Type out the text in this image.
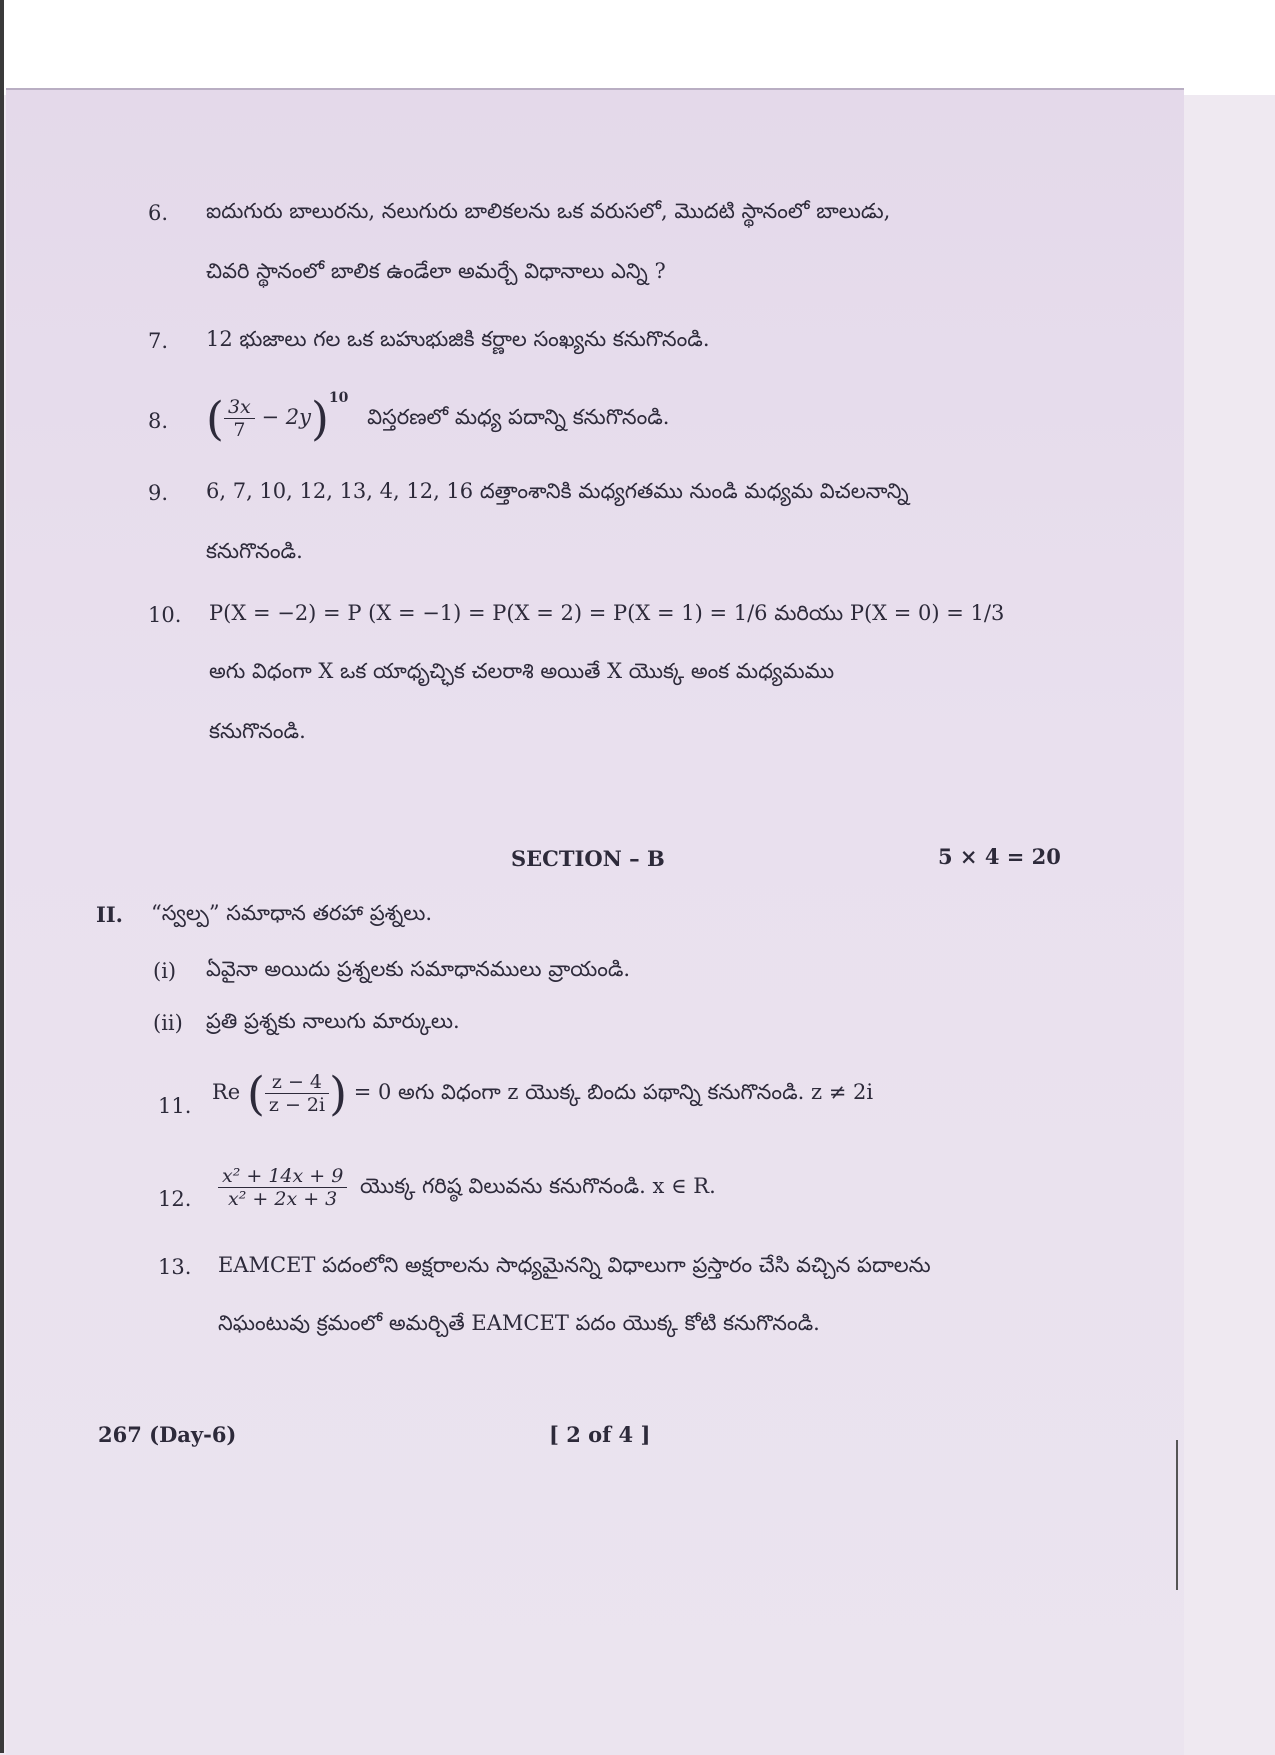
6. ఐదుగురు బాలురను, నలుగురు బాలికలను ఒక వరుసలో, మొదటి స్థానంలో బాలుడు,
చివరి స్థానంలో బాలిక ఉండేలా అమర్చే విధానాలు ఎన్ని ?
7. 12 భుజాలు గల ఒక బహుభుజికి కర్ణాల సంఖ్యను కనుగొనండి.
8. ( $\frac{3x}{7} - 2y)^{10}$ విస్తరణలో మధ్య పదాన్ని కనుగొనండి.
9. 6, 7, 10, 12, 13, 4, 12, 16 దత్తాంశానికి మధ్యగతము నుండి మధ్యమ విచలనాన్ని
కనుగొనండి.
10. P(X = −2) = P (X = −1) = P(X = 2) = P(X = 1) = 1/6 మరియు P(X = 0) = 1/3
అగు విధంగా X ఒక యాధృచ్ఛిక చలరాశి అయితే X యొక్క అంక మధ్యమము
కనుగొనండి.
SECTION – B	5 × 4 = 20
II. “స్వల్ప” సమాధాన తరహా ప్రశ్నలు.
(i) ఏవైనా అయిదు ప్రశ్నలకు సమాధానములు వ్రాయండి.
(ii) ప్రతి ప్రశ్నకు నాలుగు మార్కులు.
11.
Re ( $\frac{z - 4}{z - 2i}$ ) = 0 అగు విధంగా z యొక్క బిందు పథాన్ని కనుగొనండి. z ≠ 2i
12. $\frac{\text{x² + 14x + 9}}{\text{x² + 2x + 3}}$ యొక్క గరిష్ఠ విలువను కనుగొనండి. x ∈ R.
13. EAMCET పదంలోని అక్షరాలను సాధ్యమైనన్ని విధాలుగా ప్రస్తారం చేసి వచ్చిన పదాలను
నిఘంటువు క్రమంలో అమర్చితే EAMCET పదం యొక్క కోటి కనుగొనండి.
267 (Day-6)	[ 2 of 4 ]
